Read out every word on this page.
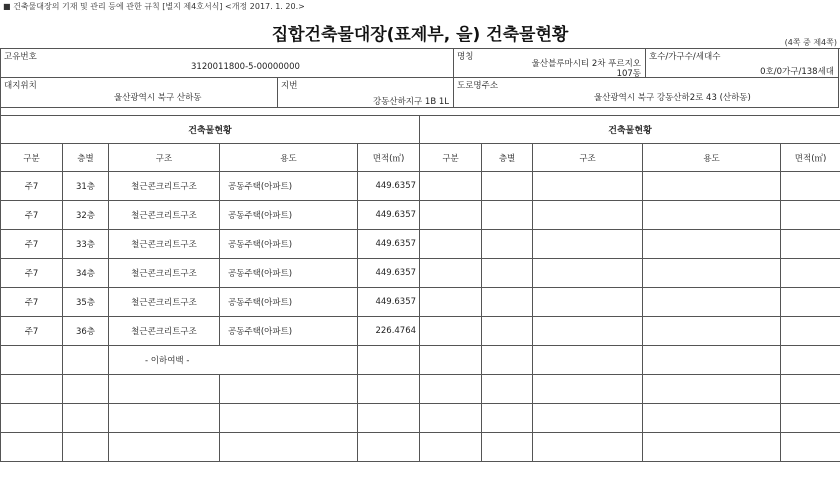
■ 건축물대장의 기재 및 관리 등에 관한 규칙 [별지 제4호서식] <개정 2017. 1. 20.>
집합건축물대장(표제부, 을) 건축물현황	(4쪽 중 제4쪽)
고유번호
3120011800-5-00000000
명칭
울산블루마시티 2차 푸르지오
107동
호수/가구수/세대수
0호/0가구/138세대
대지위치
울산광역시 북구 산하동
지번
강동산하지구 1B 1L
도로명주소
울산광역시 북구 강동산하2로 43 (산하동)
건축물현황					건축물현황				
구분	층별	구조	용도	면적(㎡)	구분	층별	구조	용도	면적(㎡)
주7	31층	철근콘크리트구조	공동주택(아파트)	449.6357					
주7	32층	철근콘크리트구조	공동주택(아파트)	449.6357					
주7	33층	철근콘크리트구조	공동주택(아파트)	449.6357					
주7	34층	철근콘크리트구조	공동주택(아파트)	449.6357					
주7	35층	철근콘크리트구조	공동주택(아파트)	449.6357					
주7	36층	철근콘크리트구조	공동주택(아파트)	226.4764					
		- 이하여백 -							
